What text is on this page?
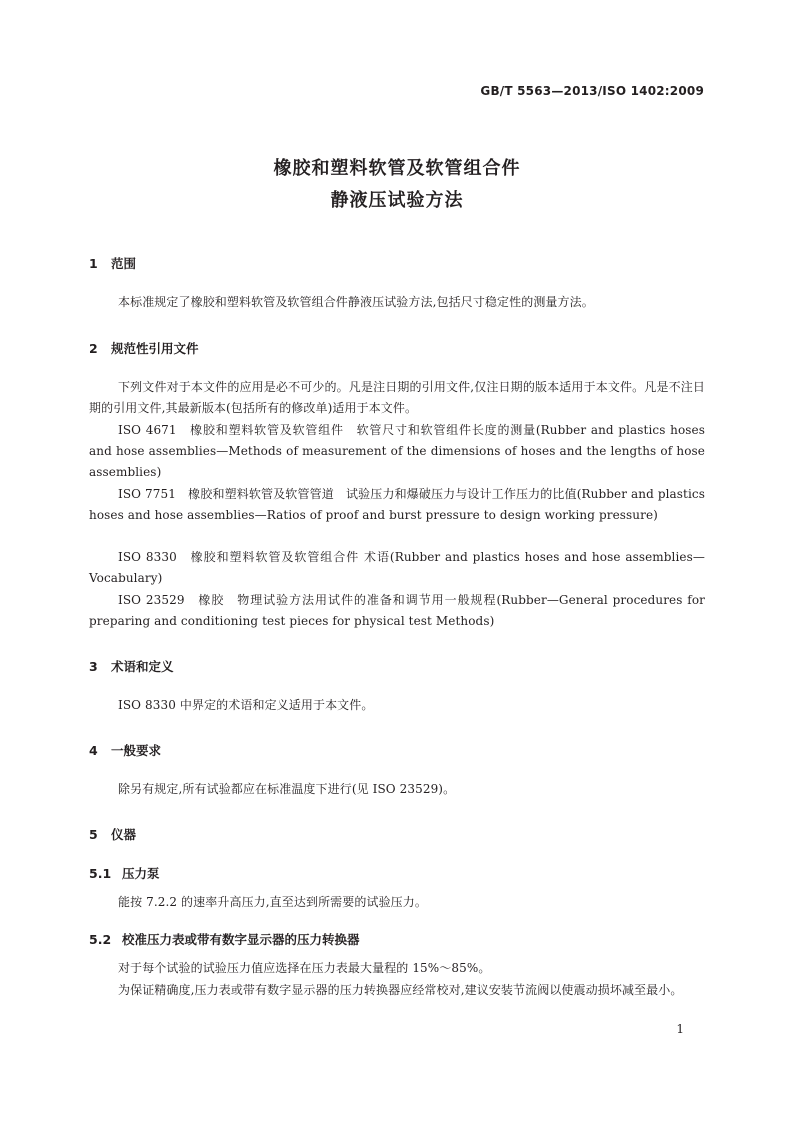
GB/T 5563—2013/ISO 1402:2009
橡胶和塑料软管及软管组合件
静液压试验方法
1 范围
本标准规定了橡胶和塑料软管及软管组合件静液压试验方法,包括尺寸稳定性的测量方法。
2 规范性引用文件
下列文件对于本文件的应用是必不可少的。凡是注日期的引用文件,仅注日期的版本适用于本文件。凡是不注日期的引用文件,其最新版本(包括所有的修改单)适用于本文件。
ISO 4671　橡胶和塑料软管及软管组件　软管尺寸和软管组件长度的测量(Rubber and plastics hoses and hose assemblies—Methods of measurement of the dimensions of hoses and the lengths of hose assemblies)
ISO 7751　橡胶和塑料软管及软管管道　试验压力和爆破压力与设计工作压力的比值(Rubber and plastics hoses and hose assemblies—Ratios of proof and burst pressure to design working pressure)
ISO 8330　橡胶和塑料软管及软管组合件 术语(Rubber and plastics hoses and hose assemblies—Vocabulary)
ISO 23529　橡胶　物理试验方法用试件的准备和调节用一般规程(Rubber—General procedures for preparing and conditioning test pieces for physical test Methods)
3 术语和定义
ISO 8330 中界定的术语和定义适用于本文件。
4 一般要求
除另有规定,所有试验都应在标准温度下进行(见 ISO 23529)。
5 仪器
5.1 压力泵
能按 7.2.2 的速率升高压力,直至达到所需要的试验压力。
5.2 校准压力表或带有数字显示器的压力转换器
对于每个试验的试验压力值应选择在压力表最大量程的 15%～85%。
为保证精确度,压力表或带有数字显示器的压力转换器应经常校对,建议安装节流阀以使震动损坏减至最小。
1
